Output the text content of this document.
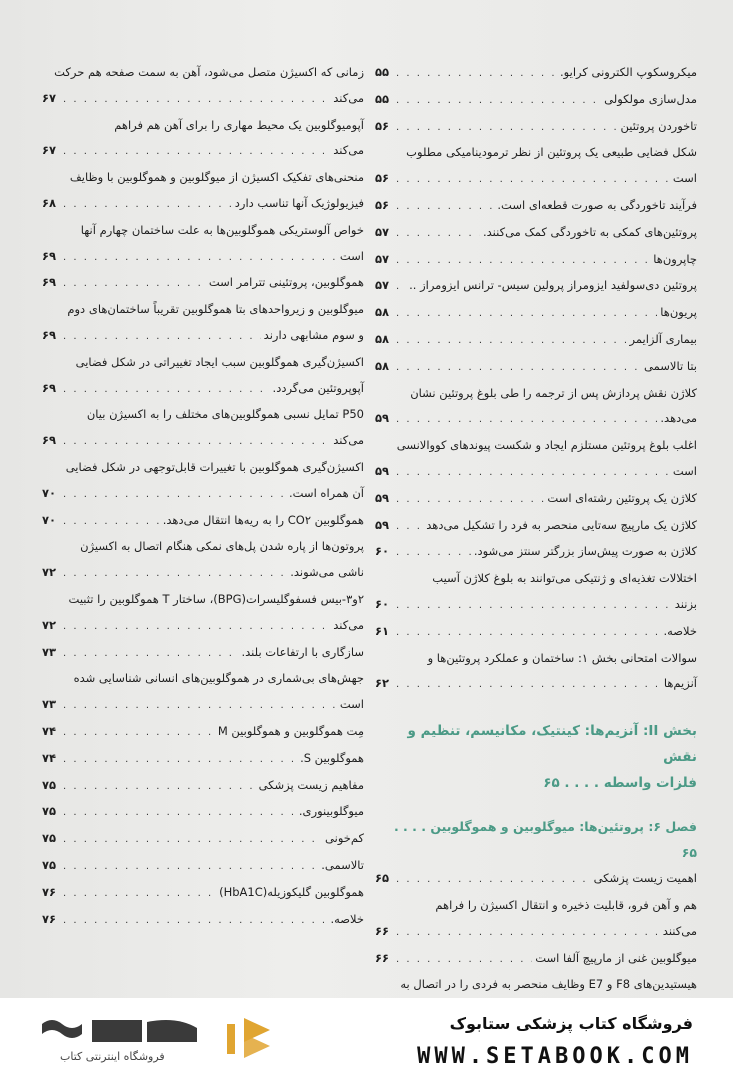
میکروسکوپ الکترونی کرایو.
. . .
۵۵
مدل‌سازی مولکولی
. . .
۵۵
تاخوردن پروتئین
. . .
۵۶
شکل فضایی طبیعی یک پروتئین از نظر ترمودینامیکی مطلوب
است
. . .
۵۶
فرآیند تاخوردگی به صورت قطعه‌ای است.
. . .
۵۶
پروتئین‌های کمکی به تاخوردگی کمک می‌کنند.
. . .
۵۷
چاپرون‌ها
. . .
۵۷
پروتئین دی‌سولفید ایزومراز پرولین سیس- ترانس ایزومراز ..
. . .
۵۷
پریون‌ها
. . .
۵۸
بیماری آلزایمر
. . .
۵۸
بتا تالاسمی
. . .
۵۸
کلاژن نقش پردازش پس از ترجمه را طی بلوغ پروتئین نشان
می‌دهد.
. . .
۵۹
اغلب بلوغ پروتئین مستلزم ایجاد و شکست پیوندهای کووالانسی
است
. . .
۵۹
کلاژن یک پروتئین رشته‌ای است
. . .
۵۹
کلاژن یک مارپیچ سه‌تایی منحصر به فرد را تشکیل می‌دهد
. . .
۵۹
کلاژن به صورت پیش‌ساز بزرگتر سنتز می‌شود.
. . .
۶۰
اختلالات تغذیه‌ای و ژنتیکی می‌توانند به بلوغ کلاژن آسیب
بزنند
. . .
۶۰
خلاصه.
. . .
۶۱
سوالات امتحانی بخش ۱: ساختمان و عملکرد پروتئین‌ها و
آنزیم‌ها
. . .
۶۲
بخش II: آنزیم‌ها: کینتیک، مکانیسم، تنظیم و نقش
فلزات واسطه . . . . ۶۵
فصل ۶: پروتئین‌ها: میوگلوبین و هموگلوبین . . . . ۶۵
اهمیت زیست پزشکی
. . .
۶۵
هم و آهن فرو، قابلیت ذخیره و انتقال اکسیژن را فراهم
می‌کنند
. . .
۶۶
میوگلوبین غنی از مارپیچ آلفا است
. . .
۶۶
هیستیدین‌های F8 و E7 وظایف منحصر به فردی را در اتصال به
زمانی که اکسیژن متصل می‌شود، آهن به سمت صفحه هم حرکت
می‌کند
. . .
۶۷
آپومیوگلوبین یک محیط مهاری را برای آهن هم فراهم
می‌کند
. . .
۶۷
منحنی‌های تفکیک اکسیژن از میوگلوبین و هموگلوبین با وظایف
فیزیولوژیک آنها تناسب دارد
. . .
۶۸
خواص آلوستریکی هموگلوبین‌ها به علت ساختمان چهارم آنها
است
. . .
۶۹
هموگلوبین، پروتئینی تترامر است
. . .
۶۹
میوگلوبین و زیرواحدهای بتا هموگلوبین تقریباً ساختمان‌های دوم
و سوم مشابهی دارند
. . .
۶۹
اکسیژن‌گیری هموگلوبین سبب ایجاد تغییراتی در شکل فضایی
آپوپروتئین می‌گردد.
. . .
۶۹
P50 تمایل نسبی هموگلوبین‌های مختلف را به اکسیژن بیان
می‌کند
. . .
۶۹
اکسیژن‌گیری هموگلوبین با تغییرات قابل‌توجهی در شکل فضایی
آن همراه است.
. . .
۷۰
هموگلوبین CO۲ را به ریه‌ها انتقال می‌دهد.
. . .
۷۰
پروتون‌ها از پاره شدن پل‌های نمکی هنگام اتصال به اکسیژن
ناشی می‌شوند.
. . .
۷۲
۲و۳-بیس فسفوگلیسرات(BPG)، ساختار T هموگلوبین را تثبیت
می‌کند
. . .
۷۲
سازگاری با ارتفاعات بلند.
. . .
۷۳
جهش‌های بی‌شماری در هموگلوبین‌های انسانی شناسایی شده
است
. . .
۷۳
مِت هموگلوبین و هموگلوبین M
. . .
۷۴
هموگلوبین S.
. . .
۷۴
مفاهیم زیست پزشکی
. . .
۷۵
میوگلوبینوری.
. . .
۷۵
کم‌خونی
. . .
۷۵
تالاسمی.
. . .
۷۵
هموگلوبین گلیکوزیله(HbA1C)
. . .
۷۶
خلاصه.
. . .
۷۶
فروشگاه اینترنتی کتاب
فروشگاه کتاب پزشکی ستابوک
WWW.SETABOOK.COM
